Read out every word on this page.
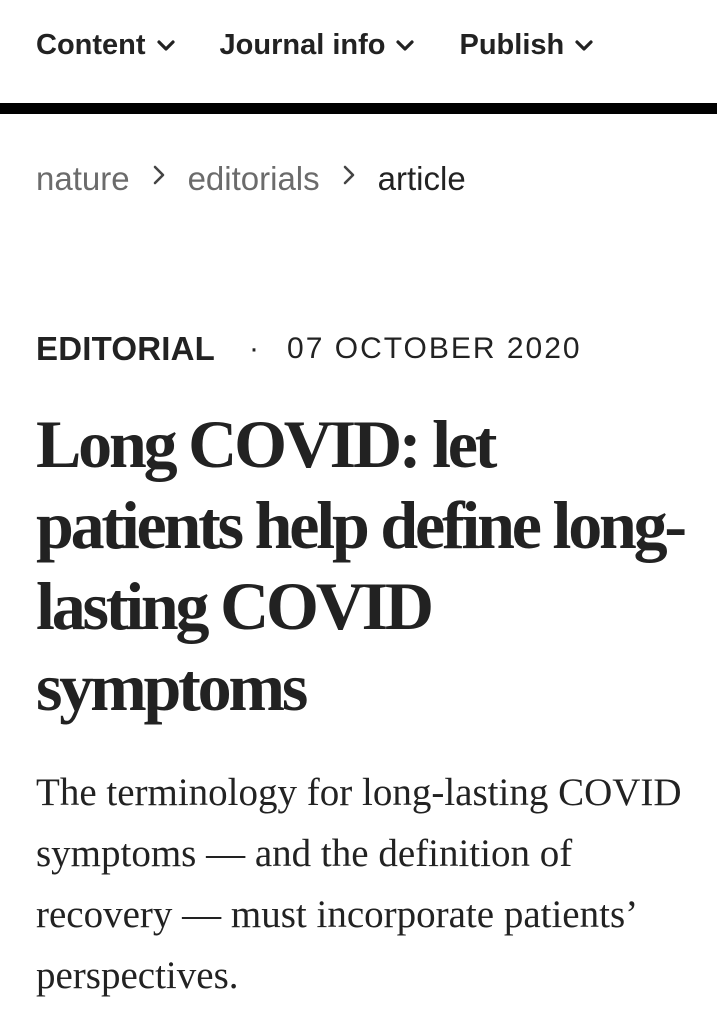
Content	Journal info	Publish
nature editorials article
EDITORIAL · 07 OCTOBER 2020
Long COVID: let patients help define long-lasting COVID symptoms

The terminology for long-lasting COVID symptoms — and the definition of recovery — must incorporate patients’ perspectives.
